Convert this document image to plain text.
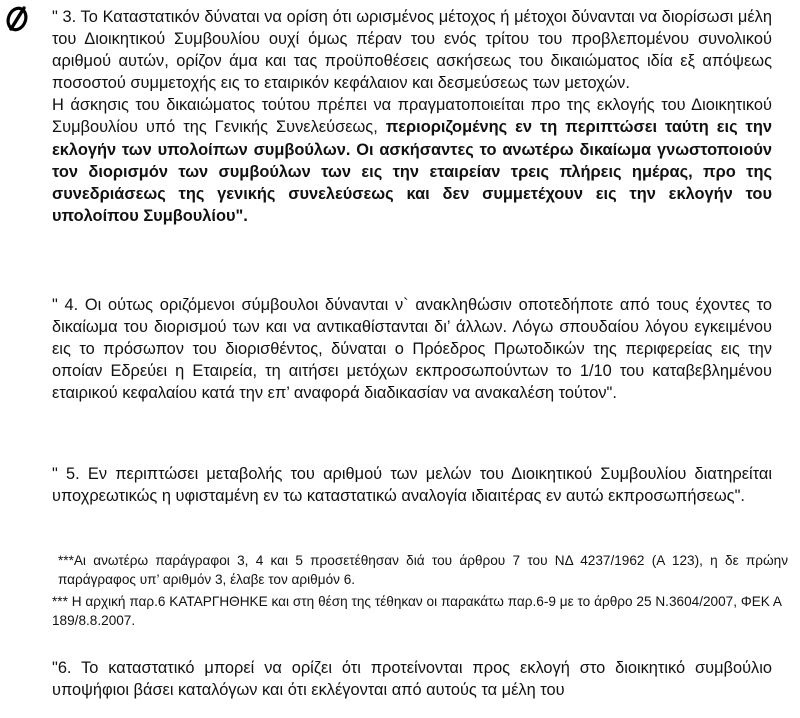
" 3. Το Καταστατικόν δύναται να ορίση ότι ωρισμένος μέτοχος ή μέτοχοι δύνανται να διορίσωσι μέλη του Διοικητικού Συμβουλίου ουχί όμως πέραν του ενός τρίτου του προβλεπομένου συνολικού αριθμού αυτών, ορίζον άμα και τας προϋποθέσεις ασκήσεως του δικαιώματος ιδία εξ απόψεως ποσοστού συμμετοχής εις το εταιρικόν κεφάλαιον και δεσμεύσεως των μετοχών.

Η άσκησις του δικαιώματος τούτου πρέπει να πραγματοποιείται προ της εκλογής του Διοικητικού Συμβουλίου υπό της Γενικής Συνελεύσεως, περιοριζομένης εν τη περιπτώσει ταύτη εις την εκλογήν των υπολοίπων συμβούλων. Οι ασκήσαντες το ανωτέρω δικαίωμα γνωστοποιούν τον διορισμόν των συμβούλων των εις την εταιρείαν τρεις πλήρεις ημέρας, προ της συνεδριάσεως της γενικής συνελεύσεως και δεν συμμετέχουν εις την εκλογήν του υπολοίπου Συμβουλίου".

" 4. Οι ούτως οριζόμενοι σύμβουλοι δύνανται ν` ανακληθώσιν οποτεδήποτε από τους έχοντες το δικαίωμα του διορισμού των και να αντικαθίστανται δι’ άλλων. Λόγω σπουδαίου λόγου εγκειμένου εις το πρόσωπον του διορισθέντος, δύναται ο Πρόεδρος Πρωτοδικών της περιφερείας εις την οποίαν Εδρεύει η Εταιρεία, τη αιτήσει μετόχων εκπροσωπούντων το 1/10 του καταβεβλημένου εταιρικού κεφαλαίου κατά την επ’ αναφορά διαδικασίαν να ανακαλέση τούτον".

" 5. Εν περιπτώσει μεταβολής του αριθμού των μελών του Διοικητικού Συμβουλίου διατηρείται υποχρεωτικώς η υφισταμένη εν τω καταστατικώ αναλογία ιδιαιτέρας εν αυτώ εκπροσωπήσεως".

***Αι ανωτέρω παράγραφοι 3, 4 και 5 προσετέθησαν διά του άρθρου 7 του ΝΔ 4237/1962 (Α 123), η δε πρώην παράγραφος υπ’ αριθμόν 3, έλαβε τον αριθμόν 6.
*** Η αρχική παρ.6 ΚΑΤΑΡΓΗΘΗΚΕ και στη θέση της τέθηκαν οι παρακάτω παρ.6-9 με το άρθρο 25 Ν.3604/2007, ΦΕΚ Α 189/8.8.2007.

"6. Το καταστατικό μπορεί να ορίζει ότι προτείνονται προς εκλογή στο διοικητικό συμβούλιο υποψήφιοι βάσει καταλόγων και ότι εκλέγονται από αυτούς τα μέλη του
